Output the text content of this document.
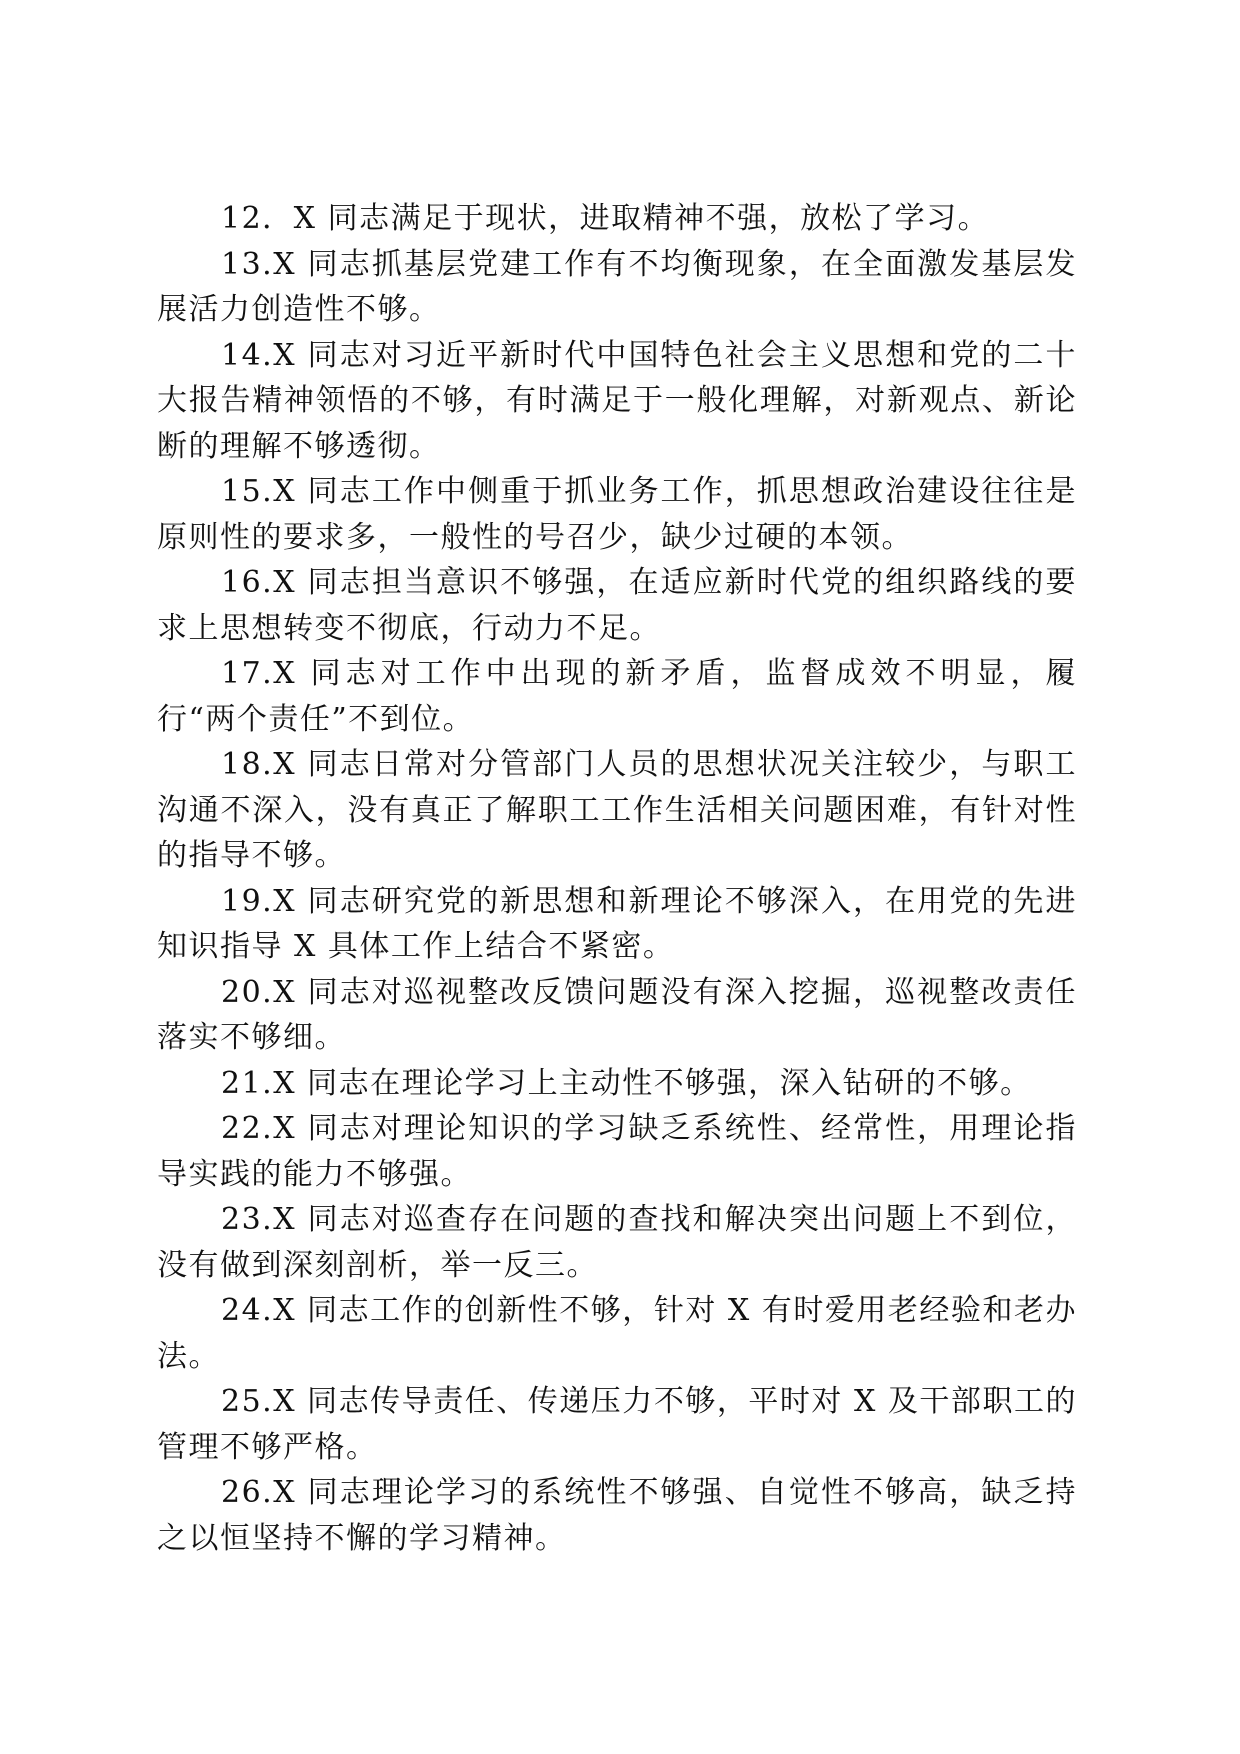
12．X 同志满足于现状，进取精神不强，放松了学习。

13.X 同志抓基层党建工作有不均衡现象，在全面激发基层发展活力创造性不够。

14.X 同志对习近平新时代中国特色社会主义思想和党的二十大报告精神领悟的不够，有时满足于一般化理解，对新观点、新论断的理解不够透彻。

15.X 同志工作中侧重于抓业务工作，抓思想政治建设往往是原则性的要求多，一般性的号召少，缺少过硬的本领。

16.X 同志担当意识不够强，在适应新时代党的组织路线的要求上思想转变不彻底，行动力不足。

17.X 同志对工作中出现的新矛盾，监督成效不明显，履行“两个责任”不到位。

18.X 同志日常对分管部门人员的思想状况关注较少，与职工沟通不深入，没有真正了解职工工作生活相关问题困难，有针对性的指导不够。

19.X 同志研究党的新思想和新理论不够深入，在用党的先进知识指导 X 具体工作上结合不紧密。

20.X 同志对巡视整改反馈问题没有深入挖掘，巡视整改责任落实不够细。

21.X 同志在理论学习上主动性不够强，深入钻研的不够。

22.X 同志对理论知识的学习缺乏系统性、经常性，用理论指导实践的能力不够强。

23.X 同志对巡查存在问题的查找和解决突出问题上不到位，没有做到深刻剖析，举一反三。

24.X 同志工作的创新性不够，针对 X 有时爱用老经验和老办法。

25.X 同志传导责任、传递压力不够，平时对 X 及干部职工的管理不够严格。

26.X 同志理论学习的系统性不够强、自觉性不够高，缺乏持之以恒坚持不懈的学习精神。
